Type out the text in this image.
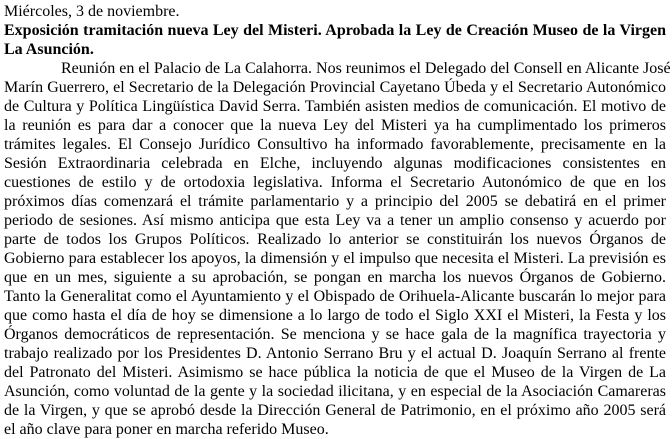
Miércoles, 3 de noviembre.
Exposición tramitación nueva Ley del Misteri. Aprobada la Ley de Creación Museo de la Virgen
La Asunción.
Reunión en el Palacio de La Calahorra. Nos reunimos el Delegado del Consell en Alicante José
Marín Guerrero, el Secretario de la Delegación Provincial Cayetano Úbeda y el Secretario Autonómico
de Cultura y Política Lingüística David Serra. También asisten medios de comunicación. El motivo de
la reunión es para dar a conocer que la nueva Ley del Misteri ya ha cumplimentado los primeros
trámites legales. El Consejo Jurídico Consultivo ha informado favorablemente, precisamente en la
Sesión Extraordinaria celebrada en Elche, incluyendo algunas modificaciones consistentes en
cuestiones de estilo y de ortodoxia legislativa. Informa el Secretario Autonómico de que en los
próximos días comenzará el trámite parlamentario y a principio del 2005 se debatirá en el primer
periodo de sesiones. Así mismo anticipa que esta Ley va a tener un amplio consenso y acuerdo por
parte de todos los Grupos Políticos. Realizado lo anterior se constituirán los nuevos Órganos de
Gobierno para establecer los apoyos, la dimensión y el impulso que necesita el Misteri. La previsión es
que en un mes, siguiente a su aprobación, se pongan en marcha los nuevos Órganos de Gobierno.
Tanto la Generalitat como el Ayuntamiento y el Obispado de Orihuela-Alicante buscarán lo mejor para
que como hasta el día de hoy se dimensione a lo largo de todo el Siglo XXI el Misteri, la Festa y los
Órganos democráticos de representación. Se menciona y se hace gala de la magnífica trayectoria y
trabajo realizado por los Presidentes D. Antonio Serrano Bru y el actual D. Joaquín Serrano al frente
del Patronato del Misteri. Asimismo se hace pública la noticia de que el Museo de la Virgen de La
Asunción, como voluntad de la gente y la sociedad ilicitana, y en especial de la Asociación Camareras
de la Virgen, y que se aprobó desde la Dirección General de Patrimonio, en el próximo año 2005 será
el año clave para poner en marcha referido Museo.
